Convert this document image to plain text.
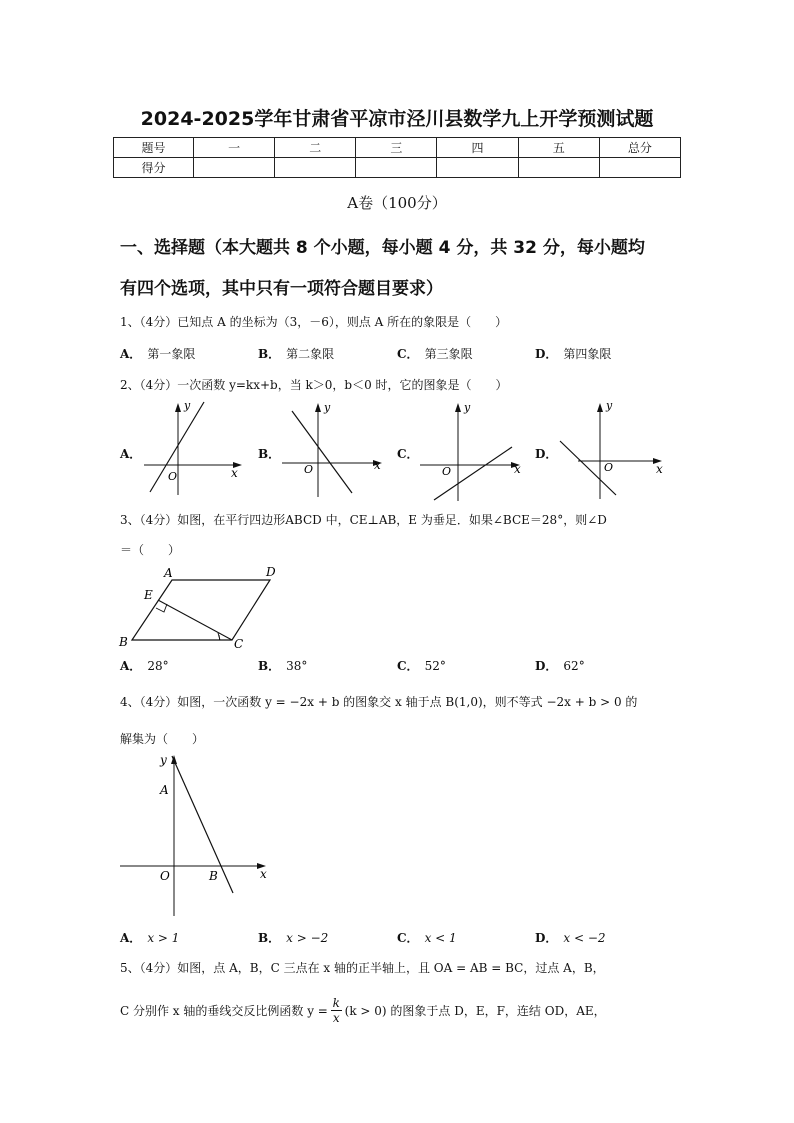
2024-2025学年甘肃省平凉市泾川县数学九上开学预测试题
题号	一	二	三	四	五	总分
得分						
A卷（100分）
一、选择题（本大题共 8 个小题，每小题 4 分，共 32 分，每小题均
有四个选项，其中只有一项符合题目要求）
1、（4分）已知点 A 的坐标为（3，－6），则点 A 所在的象限是（　　）
A． 第一象限	B． 第二象限	C． 第三象限	D． 第四象限
2、（4分）一次函数 y=kx+b，当 k＞0，b＜0 时，它的图象是（　　）
A．	B．	C．	D．
y
x
O
y
x
O
y
x
O
y
x
O
3、（4分）如图，在平行四边形ABCD 中，CE⊥AB，E 为垂足．如果∠BCE＝28°，则∠D
＝（　　）
A	D
E
B	C
A． 28°	B． 38°	C． 52°	D． 62°
4、（4分）如图，一次函数 y = −2x + b 的图象交 x 轴于点 B(1,0)，则不等式 −2x + b > 0 的
解集为（　　）
y
x
O
A
B
A． x > 1	B． x > −2	C． x < 1	D． x < −2
5、（4分）如图，点 A，B，C 三点在 x 轴的正半轴上，且 OA = AB = BC，过点 A，B，
C 分别作 x 轴的垂线交反比例函数 $y = \frac{k}{x} (k > 0)$ 的图象于点 D，E，F，连结 OD，AE，
